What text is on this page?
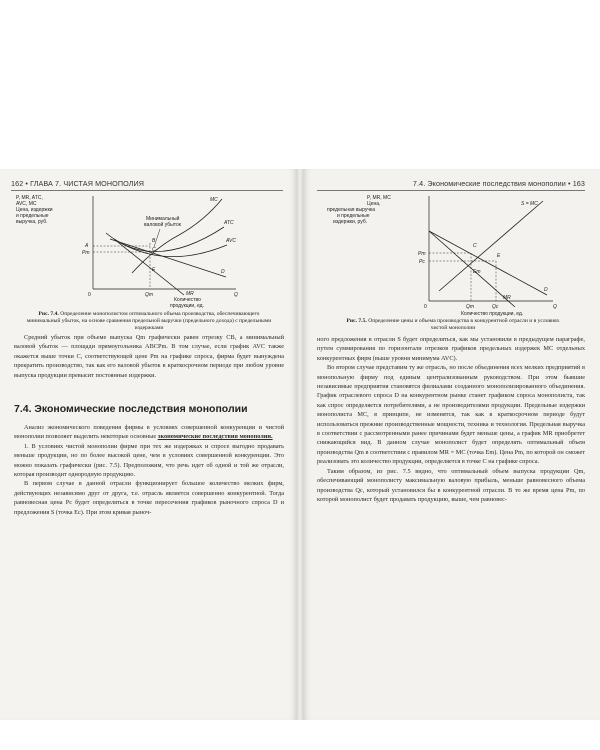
162 • ГЛАВА 7. ЧИСТАЯ МОНОПОЛИЯ
P, MR, ATC,
AVC, MC
Цена, издержки
и предельные
выручка, руб.	Минимальный
валовой убыток
MC
ATC
AVC
D
MR
A
Pm
B
C
E
Qm	Q
0
Количество
продукции, ед.
Рис. 7.4. Определение монополистом оптимального объема производства, обеспечивающего минимальный убыток, на основе сравнения предельной выручки (предельного дохода) с предельными издержками

Средний убыток при объеме выпуска Qm графически равен отрезку CB, а минимальный валовой убыток — площади прямоугольника ABCPm. В том случае, если график AVC также окажется выше точки C, соответствующей цене Pm на графике спроса, фирма будет вынуждена прекратить производство, так как его валовой убыток в краткосрочном периоде при любом уровне выпуска продукции превысит постоянные издержки.

7.4. Экономические последствия монополии

Анализ экономического поведения фирмы в условиях совершенной конкуренции и чистой монополии позволяет выделить некоторые основные экономические последствия монополии.

1. В условиях чистой монополии фирме при тех же издержках и спросе выгодно продавать меньше продукции, но по более высокой цене, чем в условиях совершенной конкуренции. Это можно показать графически (рис. 7.5). Предположим, что речь идет об одной и той же отрасли, которая производит однородную продукцию.

В первом случае в данной отрасли функционирует большое количество мелких фирм, действующих независимо друг от друга, т.е. отрасль является совершенно конкурентной. Тогда равновесная цена Pc будет определяться в точке пересечения графиков рыночного спроса D и предложения S (точка Ec). При этом кривая рыноч-

7.4. Экономические последствия монополии • 163
P, MR, MC
Цена,
предельная выручка
и предельные
издержки, руб.
S = MC
D
MR
C
E
Em
Pm
Pc
Qm	Qc	Q
0
Количество продукции, ед.
Рис. 7.5. Определение цены и объема производства в конкурентной отрасли и в условиях чистой монополии

ного предложения в отрасли S будет определяться, как мы установили в предыдущем параграфе, путем суммирования по горизонтали отрезков графиков предельных издержек MC отдельных конкурентных фирм (выше уровня минимума AVC).

Во втором случае представим ту же отрасль, но после объединения всех мелких предприятий в монопольную фирму под единым централизованным руководством. При этом бывшие независимые предприятия становятся филиалами созданного монополизированного объединения. График отраслевого спроса D на конкурентном рынке станет графиком спроса монополиста, так как спрос определяется потребителями, а не производителями продукции. Предельные издержки монополиста MC, в принципе, не изменятся, так как в краткосрочном периоде будут использоваться прежние производственные мощности, техника и технология. Предельная выручка в соответствии с рассмотренными ранее причинами будет меньше цены, а график MR приобретет снижающийся вид. В данном случае монополист будет определять оптимальный объем производства Qm в соответствии с правилом MR = MC (точка Em). Цена Pm, по которой он сможет реализовать это количество продукции, определяется в точке C на графике спроса.

Таким образом, из рис. 7.5 видно, что оптимальный объем выпуска продукции Qm, обеспечивающий монополисту максимальную валовую прибыль, меньше равновесного объема производства Qc, который установился бы в конкурентной отрасли. В то же время цена Pm, по которой монополист будет продавать продукцию, выше, чем равновес-
